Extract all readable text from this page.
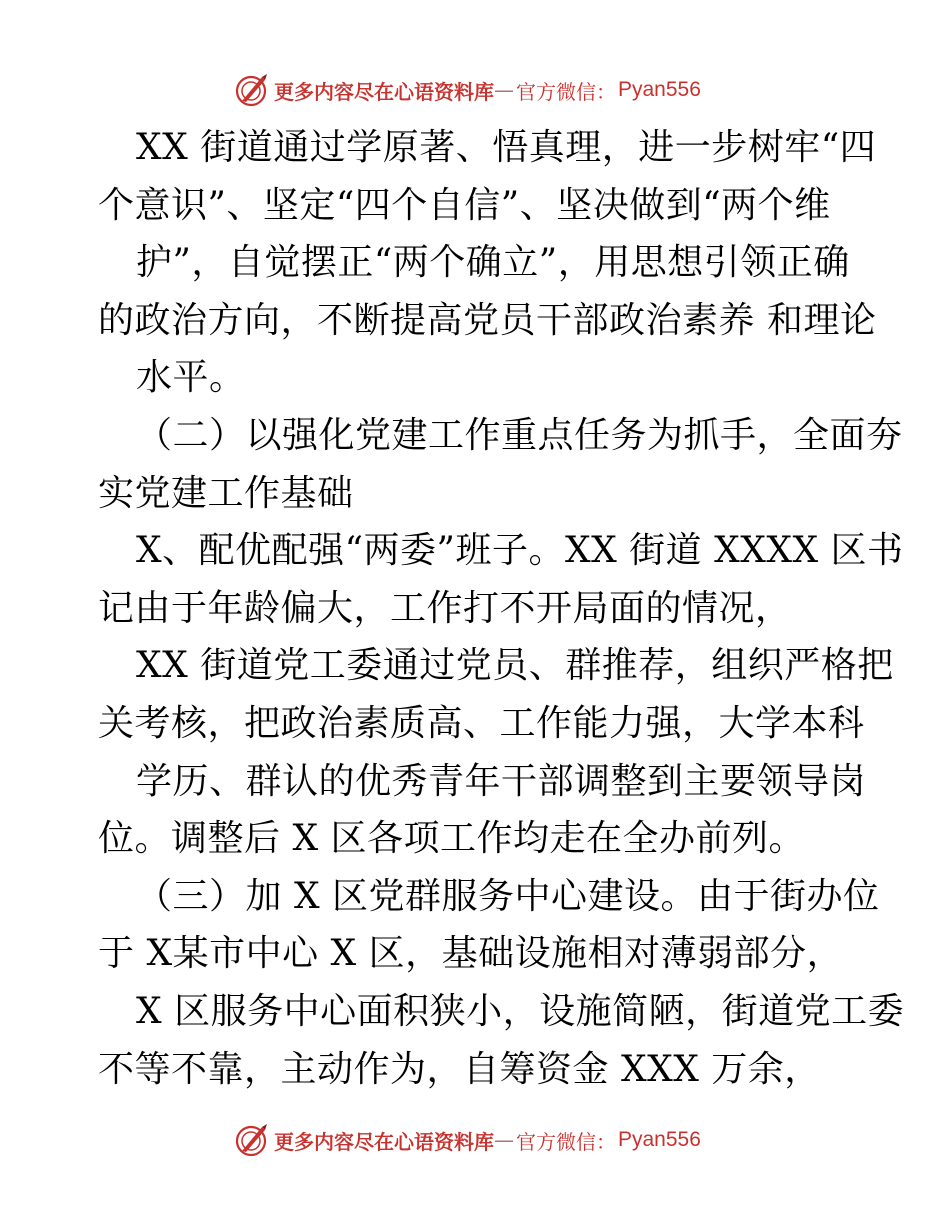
更多内容尽在心语资料库 — 官方微信： Pyan556
XX 街道通过学原著、悟真理，进一步树牢“四
个意识”、坚定“四个自信”、坚决做到“两个维
护”，自觉摆正“两个确立”，用思想引领正确
的政治方向，不断提高党员干部政治素养 和理论
水平。
（二）以强化党建工作重点任务为抓手，全面夯
实党建工作基础
X、配优配强“两委”班子。XX 街道 XXXX 区书
记由于年龄偏大，工作打不开局面的情况，
XX 街道党工委通过党员、群推荐，组织严格把
关考核，把政治素质高、工作能力强，大学本科
学历、群认的优秀青年干部调整到主要领导岗
位。调整后 X 区各项工作均走在全办前列。
（三）加 X 区党群服务中心建设。由于街办位
于 X某市中心 X 区，基础设施相对薄弱部分，
X 区服务中心面积狭小，设施简陋，街道党工委
不等不靠，主动作为，自筹资金 XXX 万余，
更多内容尽在心语资料库 — 官方微信： Pyan556
